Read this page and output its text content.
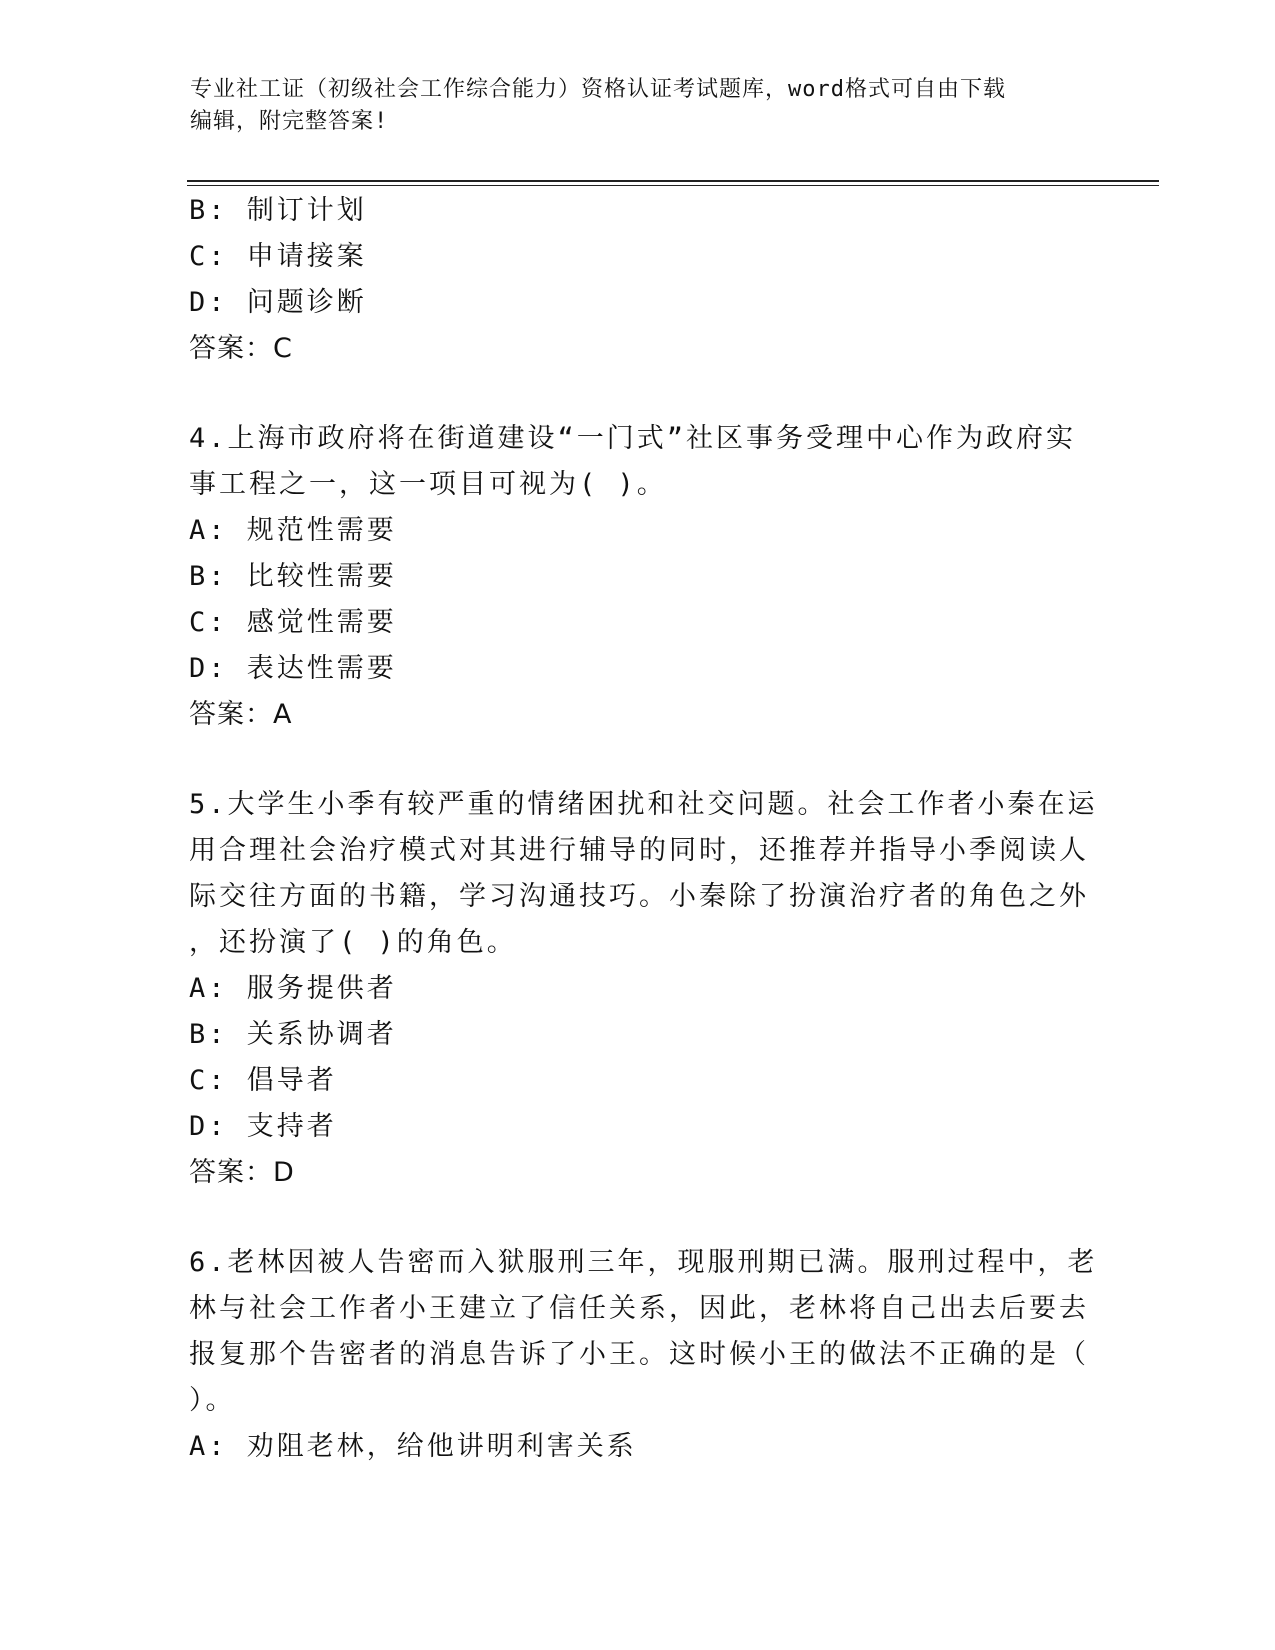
专业社工证（初级社会工作综合能力）资格认证考试题库，word格式可自由下载
编辑，附完整答案!
B: 制订计划
C: 申请接案
D: 问题诊断
答案：C
4.上海市政府将在街道建设“一门式”社区事务受理中心作为政府实
事工程之一，这一项目可视为( )。
A: 规范性需要
B: 比较性需要
C: 感觉性需要
D: 表达性需要
答案：A
5.大学生小季有较严重的情绪困扰和社交问题。社会工作者小秦在运
用合理社会治疗模式对其进行辅导的同时，还推荐并指导小季阅读人
际交往方面的书籍，学习沟通技巧。小秦除了扮演治疗者的角色之外
，还扮演了( )的角色。
A: 服务提供者
B: 关系协调者
C: 倡导者
D: 支持者
答案：D
6.老林因被人告密而入狱服刑三年，现服刑期已满。服刑过程中，老
林与社会工作者小王建立了信任关系，因此，老林将自己出去后要去
报复那个告密者的消息告诉了小王。这时候小王的做法不正确的是（
）。
A: 劝阻老林，给他讲明利害关系
